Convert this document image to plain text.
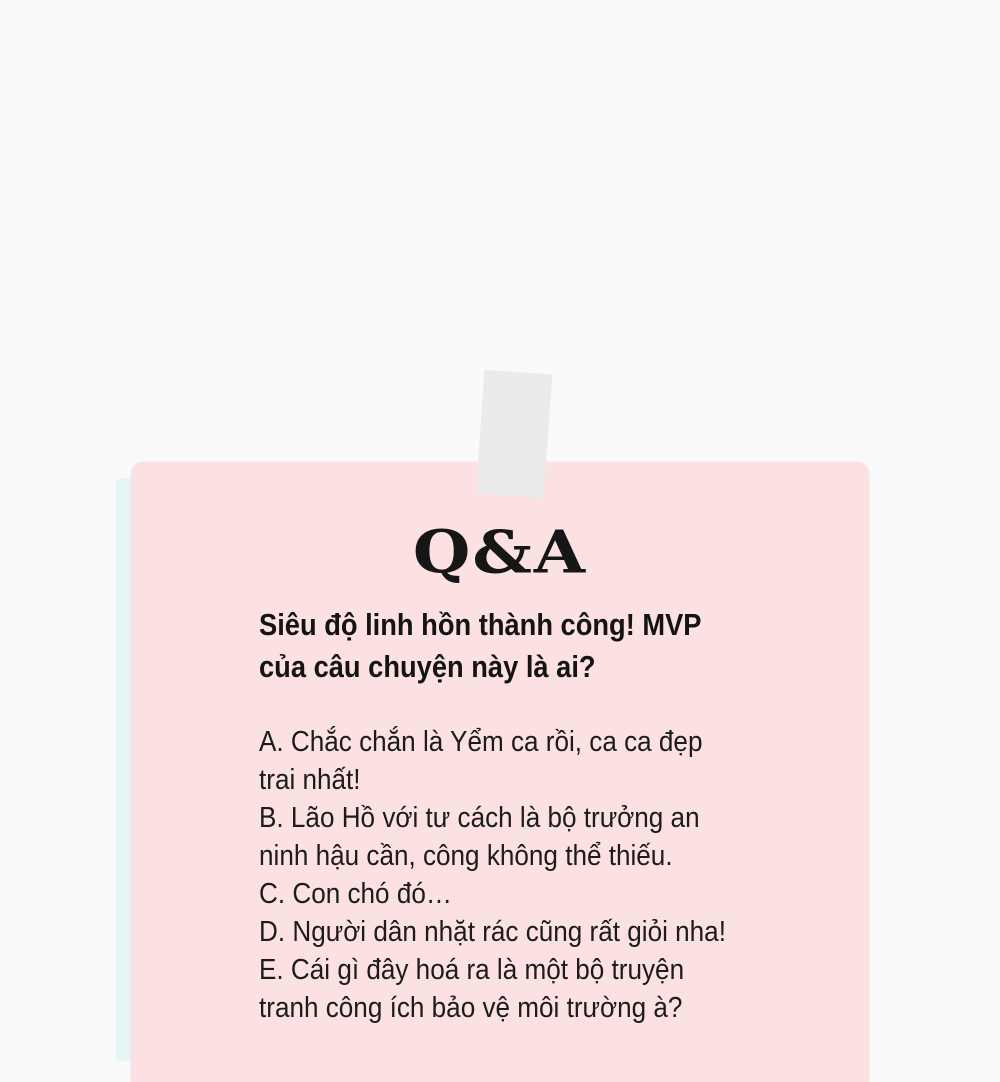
Q&A
Siêu độ linh hồn thành công! MVP
của câu chuyện này là ai?
A. Chắc chắn là Yểm ca rồi, ca ca đẹp
trai nhất!
B. Lão Hồ với tư cách là bộ trưởng an
ninh hậu cần, công không thể thiếu.
C. Con chó đó…
D. Người dân nhặt rác cũng rất giỏi nha!
E. Cái gì đây hoá ra là một bộ truyện
tranh công ích bảo vệ môi trường à?
